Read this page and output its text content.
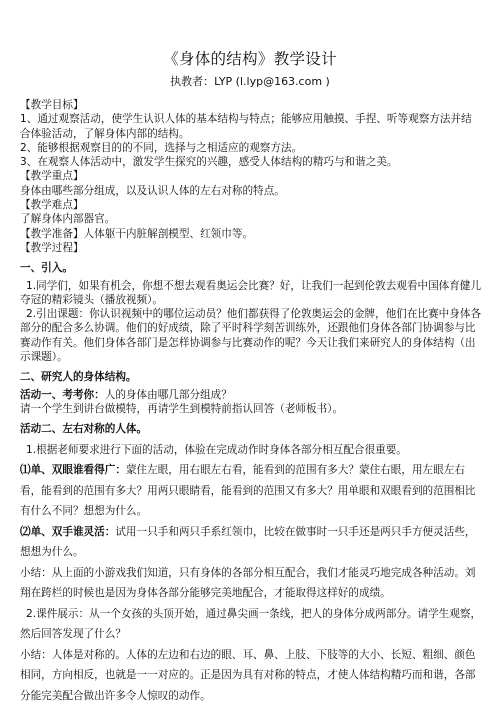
《身体的结构》教学设计
执教者：LYP (l.lyp@163.com )

【教学目标】

1、通过观察活动，使学生认识人体的基本结构与特点；能够应用触摸、手捏、听等观察方法并结合体验活动，了解身体内部的结构。

2、能够根据观察目的的不同，选择与之相适应的观察方法。

3、在观察人体活动中，激发学生探究的兴趣，感受人体结构的精巧与和谐之美。

【教学重点】

身体由哪些部分组成，以及认识人体的左右对称的特点。

【教学难点】

了解身体内部器官。

【教学准备】人体躯干内脏解剖模型、红领巾等。

【教学过程】

一、引入。

1.同学们，如果有机会，你想不想去观看奥运会比赛？好，让我们一起到伦敦去观看中国体育健儿夺冠的精彩镜头（播放视频）。

2.引出课题：你认识视频中的哪位运动员？他们都获得了伦敦奥运会的金牌，他们在比赛中身体各部分的配合多么协调。他们的好成绩，除了平时科学刻苦训练外，还跟他们身体各部门协调参与比赛动作有关。他们身体各部门是怎样协调参与比赛动作的呢？今天让我们来研究人的身体结构（出示课题）。

二、研究人的身体结构。

活动一、考考你：人的身体由哪几部分组成？

请一个学生到讲台做模特，再请学生到模特前指认回答（老师板书）。

活动二、左右对称的人体。

1.根据老师要求进行下面的活动，体验在完成动作时身体各部分相互配合很重要。

⑴单、双眼谁看得广：蒙住左眼，用右眼左右看，能看到的范围有多大？蒙住右眼，用左眼左右看，能看到的范围有多大？用两只眼睛看，能看到的范围又有多大？用单眼和双眼看到的范围相比有什么不同？想想为什么。

⑵单、双手谁灵活：试用一只手和两只手系红领巾，比较在做事时一只手还是两只手方便灵活些，想想为什么。

小结：从上面的小游戏我们知道，只有身体的各部分相互配合，我们才能灵巧地完成各种活动。刘翔在跨栏的时候也是因为身体各部分能够完美地配合，才能取得这样好的成绩。

2.课件展示：从一个女孩的头顶开始，通过鼻尖画一条线，把人的身体分成两部分。请学生观察，然后回答发现了什么？

小结：人体是对称的。人体的左边和右边的眼、耳、鼻、上肢、下肢等的大小、长短、粗细、颜色相同，方向相反，也就是一一对应的。正是因为具有对称的特点，才使人体结构精巧而和谐，各部分能完美配合做出许多令人惊叹的动作。
